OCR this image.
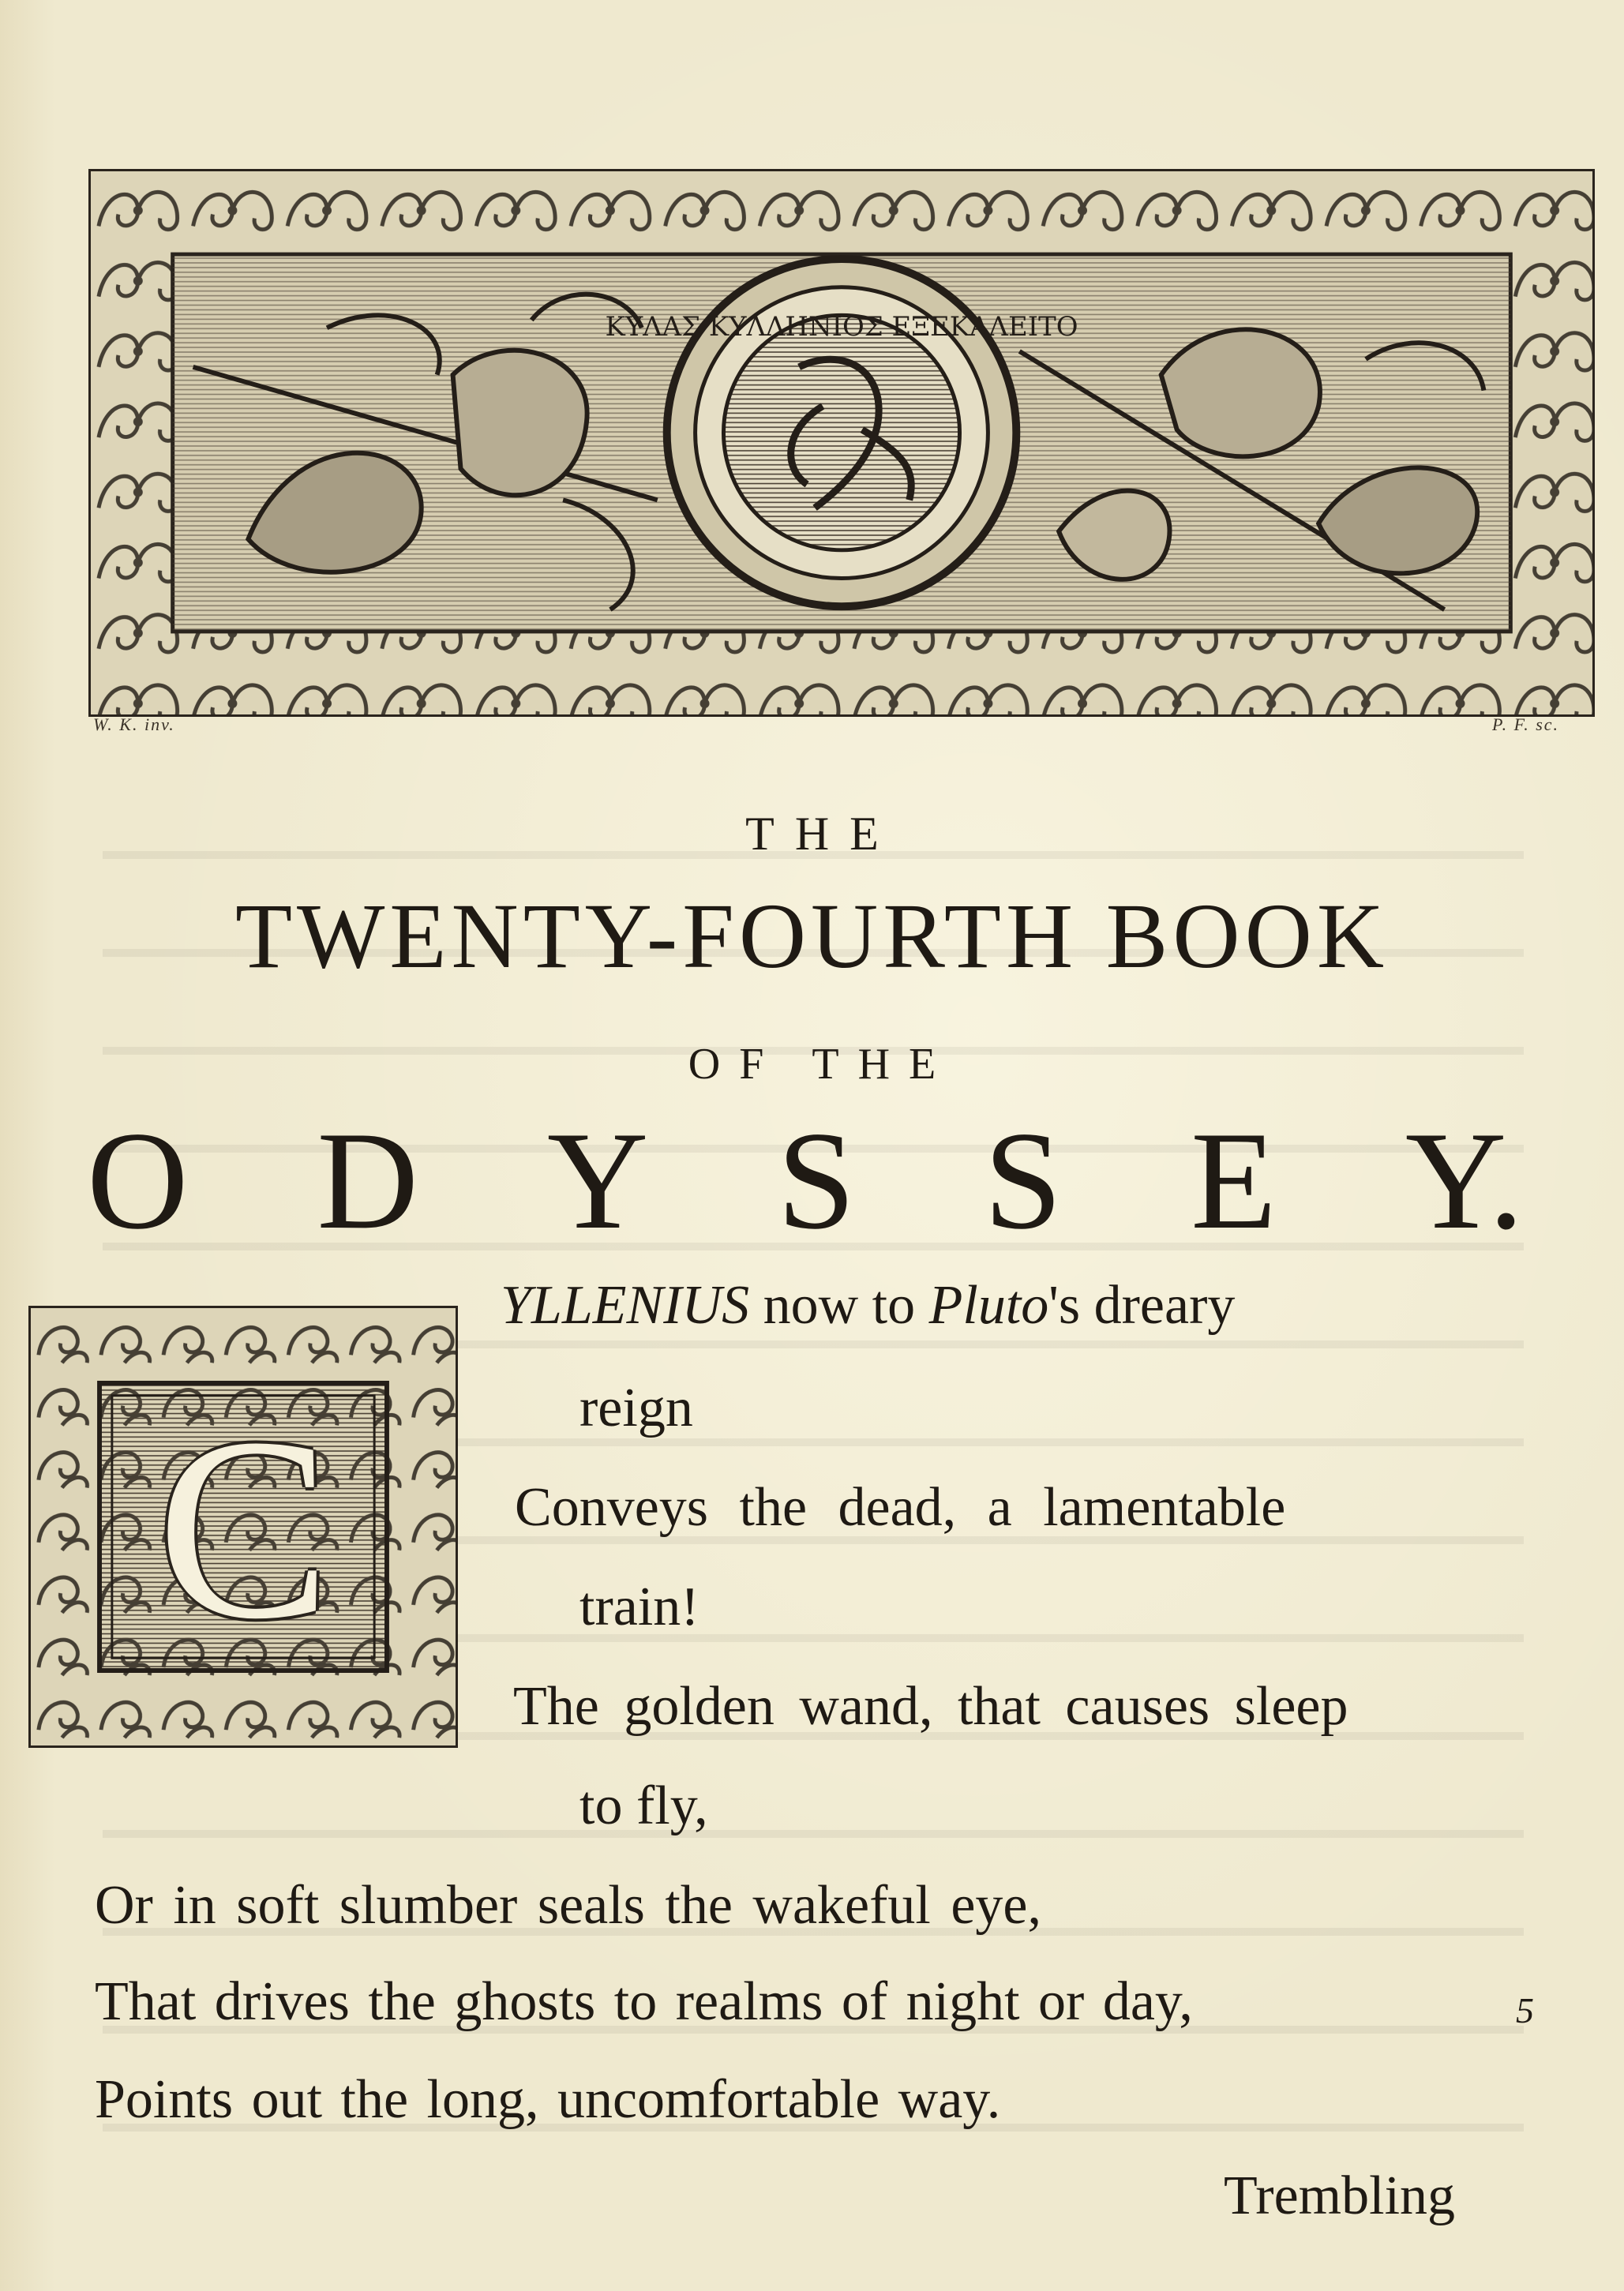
ΚΥΛΑΣ ΚΥΛΛΗΝΙΟΣ ΕΞΕΚΑΛΕΙΤΟ
W. K. inv.	P. F. sc.
THE
TWENTY-FOURTH BOOK
OF THE
O D Y S S E Y.
C
YLLENIUS now to Pluto's dreary
reign
Conveys the dead, a lamentable
train!
The golden wand, that causes sleep
to fly,
Or in soft slumber seals the wakeful eye,
That drives the ghosts to realms of night or day,
Points out the long, uncomfortable way.
5
Trembling
